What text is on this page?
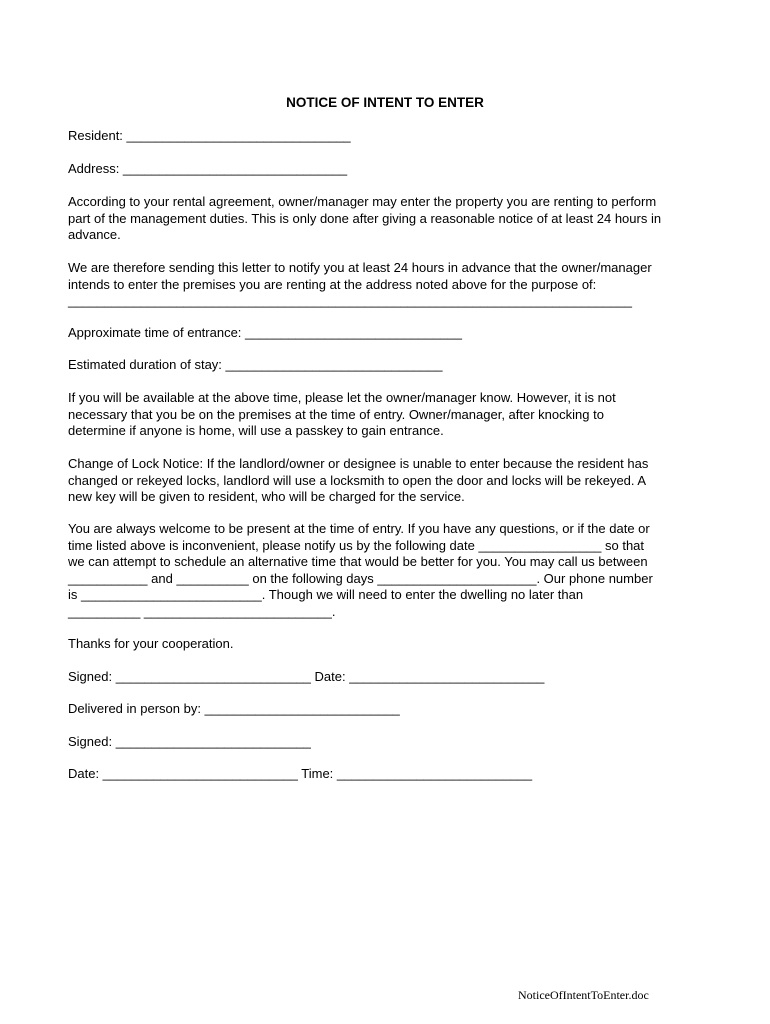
NOTICE OF INTENT TO ENTER
Resident: _______________________________
Address: _______________________________
According to your rental agreement, owner/manager may enter the property you are renting to perform
part of the management duties. This is only done after giving a reasonable notice of at least 24 hours in
advance.
We are therefore sending this letter to notify you at least 24 hours in advance that the owner/manager
intends to enter the premises you are renting at the address noted above for the purpose of:
______________________________________________________________________________
Approximate time of entrance: ______________________________
Estimated duration of stay: ______________________________
If you will be available at the above time, please let the owner/manager know. However, it is not
necessary that you be on the premises at the time of entry. Owner/manager, after knocking to
determine if anyone is home, will use a passkey to gain entrance.
Change of Lock Notice: If the landlord/owner or designee is unable to enter because the resident has
changed or rekeyed locks, landlord will use a locksmith to open the door and locks will be rekeyed. A
new key will be given to resident, who will be charged for the service.
You are always welcome to be present at the time of entry. If you have any questions, or if the date or
time listed above is inconvenient, please notify us by the following date _________________ so that
we can attempt to schedule an alternative time that would be better for you. You may call us between
___________ and __________ on the following days ______________________. Our phone number
is _________________________. Though we will need to enter the dwelling no later than
__________ __________________________.
Thanks for your cooperation.
Signed: ___________________________ Date: ___________________________
Delivered in person by: ___________________________
Signed: ___________________________
Date: ___________________________ Time: ___________________________
NoticeOfIntentToEnter.doc
